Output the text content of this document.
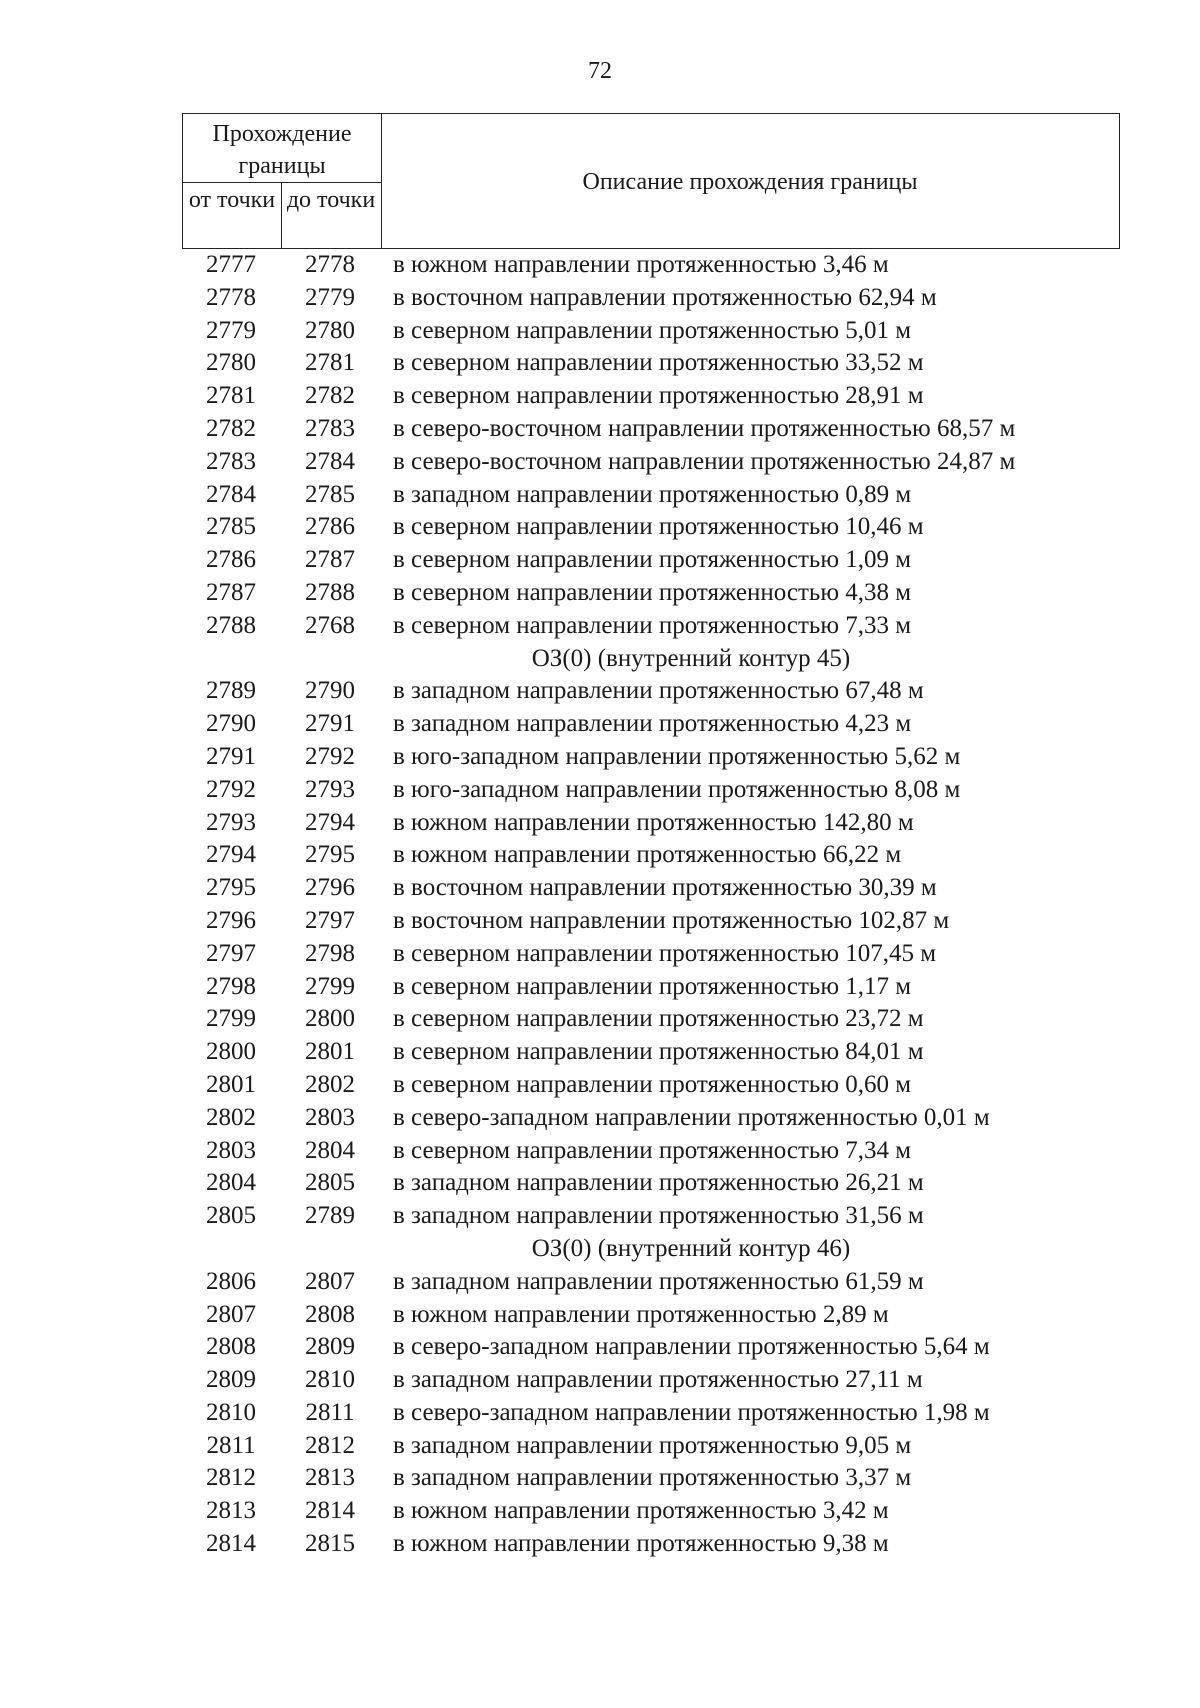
72
Прохождение границы
от точки до точки
Описание прохождения границы
2777	2778	в южном направлении протяженностью 3,46 м
2778	2779	в восточном направлении протяженностью 62,94 м
2779	2780	в северном направлении протяженностью 5,01 м
2780	2781	в северном направлении протяженностью 33,52 м
2781	2782	в северном направлении протяженностью 28,91 м
2782	2783	в северо-восточном направлении протяженностью 68,57 м
2783	2784	в северо-восточном направлении протяженностью 24,87 м
2784	2785	в западном направлении протяженностью 0,89 м
2785	2786	в северном направлении протяженностью 10,46 м
2786	2787	в северном направлении протяженностью 1,09 м
2787	2788	в северном направлении протяженностью 4,38 м
2788	2768	в северном направлении протяженностью 7,33 м
ОЗ(0) (внутренний контур 45)
2789	2790	в западном направлении протяженностью 67,48 м
2790	2791	в западном направлении протяженностью 4,23 м
2791	2792	в юго-западном направлении протяженностью 5,62 м
2792	2793	в юго-западном направлении протяженностью 8,08 м
2793	2794	в южном направлении протяженностью 142,80 м
2794	2795	в южном направлении протяженностью 66,22 м
2795	2796	в восточном направлении протяженностью 30,39 м
2796	2797	в восточном направлении протяженностью 102,87 м
2797	2798	в северном направлении протяженностью 107,45 м
2798	2799	в северном направлении протяженностью 1,17 м
2799	2800	в северном направлении протяженностью 23,72 м
2800	2801	в северном направлении протяженностью 84,01 м
2801	2802	в северном направлении протяженностью 0,60 м
2802	2803	в северо-западном направлении протяженностью 0,01 м
2803	2804	в северном направлении протяженностью 7,34 м
2804	2805	в западном направлении протяженностью 26,21 м
2805	2789	в западном направлении протяженностью 31,56 м
ОЗ(0) (внутренний контур 46)
2806	2807	в западном направлении протяженностью 61,59 м
2807	2808	в южном направлении протяженностью 2,89 м
2808	2809	в северо-западном направлении протяженностью 5,64 м
2809	2810	в западном направлении протяженностью 27,11 м
2810	2811	в северо-западном направлении протяженностью 1,98 м
2811	2812	в западном направлении протяженностью 9,05 м
2812	2813	в западном направлении протяженностью 3,37 м
2813	2814	в южном направлении протяженностью 3,42 м
2814	2815	в южном направлении протяженностью 9,38 м
